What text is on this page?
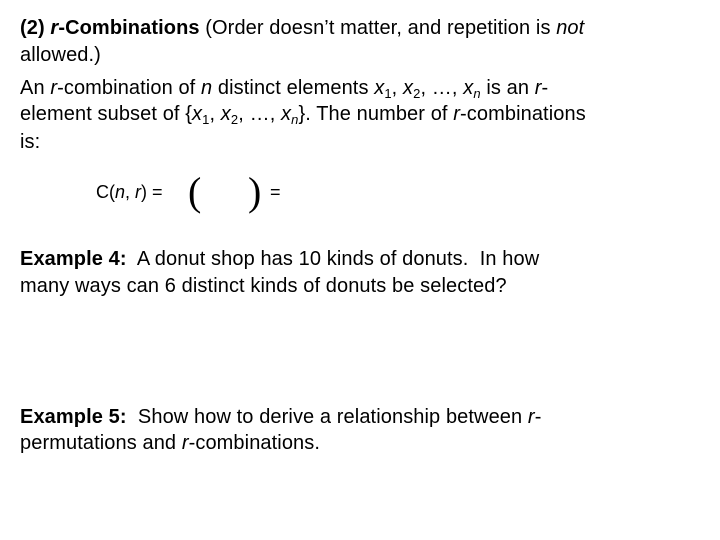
(2) r-Combinations (Order doesn’t matter, and repetition is not
allowed.)
An r-combination of n distinct elements $x_1$, $x_2$, …, $x_n$ is an r-
element subset of {$x_1$, $x_2$, …, $x_n$}. The number of r-combinations
is:
C(n, r) = ( ) =
Example 4:  A donut shop has 10 kinds of donuts.  In how
many ways can 6 distinct kinds of donuts be selected?
Example 5:  Show how to derive a relationship between r-
permutations and r-combinations.
